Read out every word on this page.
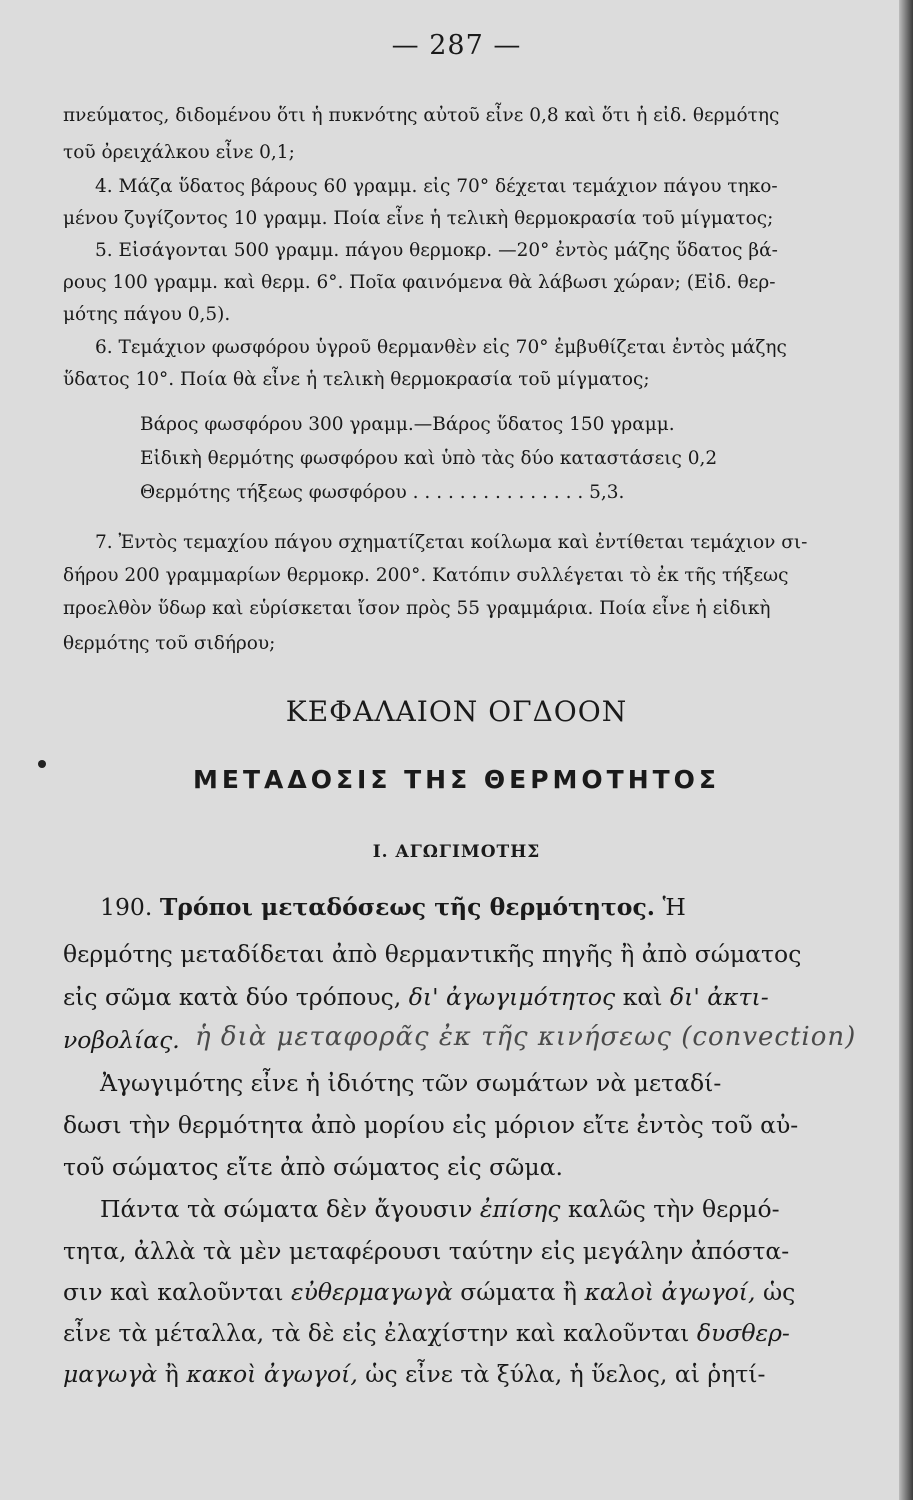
— 287 —
πνεύματος, διδομένου ὅτι ἡ πυκνότης αὐτοῦ εἶνε 0,8 καὶ ὅτι ἡ εἰδ. θερμότης
τοῦ ὀρειχάλκου εἶνε 0,1;
4. Μάζα ὕδατος βάρους 60 γραμμ. εἰς 70° δέχεται τεμάχιον πάγου τηκο-
μένου ζυγίζοντος 10 γραμμ. Ποία εἶνε ἡ τελικὴ θερμοκρασία τοῦ μίγματος;
5. Εἰσάγονται 500 γραμμ. πάγου θερμοκρ. —20° ἐντὸς μάζης ὕδατος βά-
ρους 100 γραμμ. καὶ θερμ. 6°. Ποῖα φαινόμενα θὰ λάβωσι χώραν; (Εἰδ. θερ-
μότης πάγου 0,5).
6. Τεμάχιον φωσφόρου ὑγροῦ θερμανθὲν εἰς 70° ἐμβυθίζεται ἐντὸς μάζης
ὕδατος 10°. Ποία θὰ εἶνε ἡ τελικὴ θερμοκρασία τοῦ μίγματος;
Βάρος φωσφόρου 300 γραμμ.—Βάρος ὕδατος 150 γραμμ.
Εἰδικὴ θερμότης φωσφόρου καὶ ὑπὸ τὰς δύο καταστάσεις 0,2
Θερμότης τήξεως φωσφόρου . . . . . . . . . . . . . . . 5,3.
7. Ἐντὸς τεμαχίου πάγου σχηματίζεται κοίλωμα καὶ ἐντίθεται τεμάχιον σι-
δήρου 200 γραμμαρίων θερμοκρ. 200°. Κατόπιν συλλέγεται τὸ ἐκ τῆς τήξεως
προελθὸν ὕδωρ καὶ εὑρίσκεται ἴσον πρὸς 55 γραμμάρια. Ποία εἶνε ἡ εἰδικὴ
θερμότης τοῦ σιδήρου;
ΚΕΦΑΛΑΙΟΝ ΟΓΔΟΟΝ
ΜΕΤΑΔΟΣΙΣ ΤΗΣ ΘΕΡΜΟΤΗΤΟΣ
Ι. ΑΓΩΓΙΜΟΤΗΣ
190. Τρόποι μεταδόσεως τῆς θερμότητος. Ἡ
θερμότης μεταδίδεται ἀπὸ θερμαντικῆς πηγῆς ἢ ἀπὸ σώματος
εἰς σῶμα κατὰ δύο τρόπους, δι' ἀγωγιμότητος καὶ δι' ἀκτι-
νοβολίας. ἡ διὰ μεταφορᾶς ἐκ τῆς κινήσεως (convection)
Ἀγωγιμότης εἶνε ἡ ἰδιότης τῶν σωμάτων νὰ μεταδί-
δωσι τὴν θερμότητα ἀπὸ μορίου εἰς μόριον εἴτε ἐντὸς τοῦ αὐ-
τοῦ σώματος εἴτε ἀπὸ σώματος εἰς σῶμα.
Πάντα τὰ σώματα δὲν ἄγουσιν ἐπίσης καλῶς τὴν θερμό-
τητα, ἀλλὰ τὰ μὲν μεταφέρουσι ταύτην εἰς μεγάλην ἀπόστα-
σιν καὶ καλοῦνται εὐθερμαγωγὰ σώματα ἢ καλοὶ ἀγωγοί, ὡς
εἶνε τὰ μέταλλα, τὰ δὲ εἰς ἐλαχίστην καὶ καλοῦνται δυσθερ-
μαγωγὰ ἢ κακοὶ ἀγωγοί, ὡς εἶνε τὰ ξύλα, ἡ ὕελος, αἱ ῥητί-
